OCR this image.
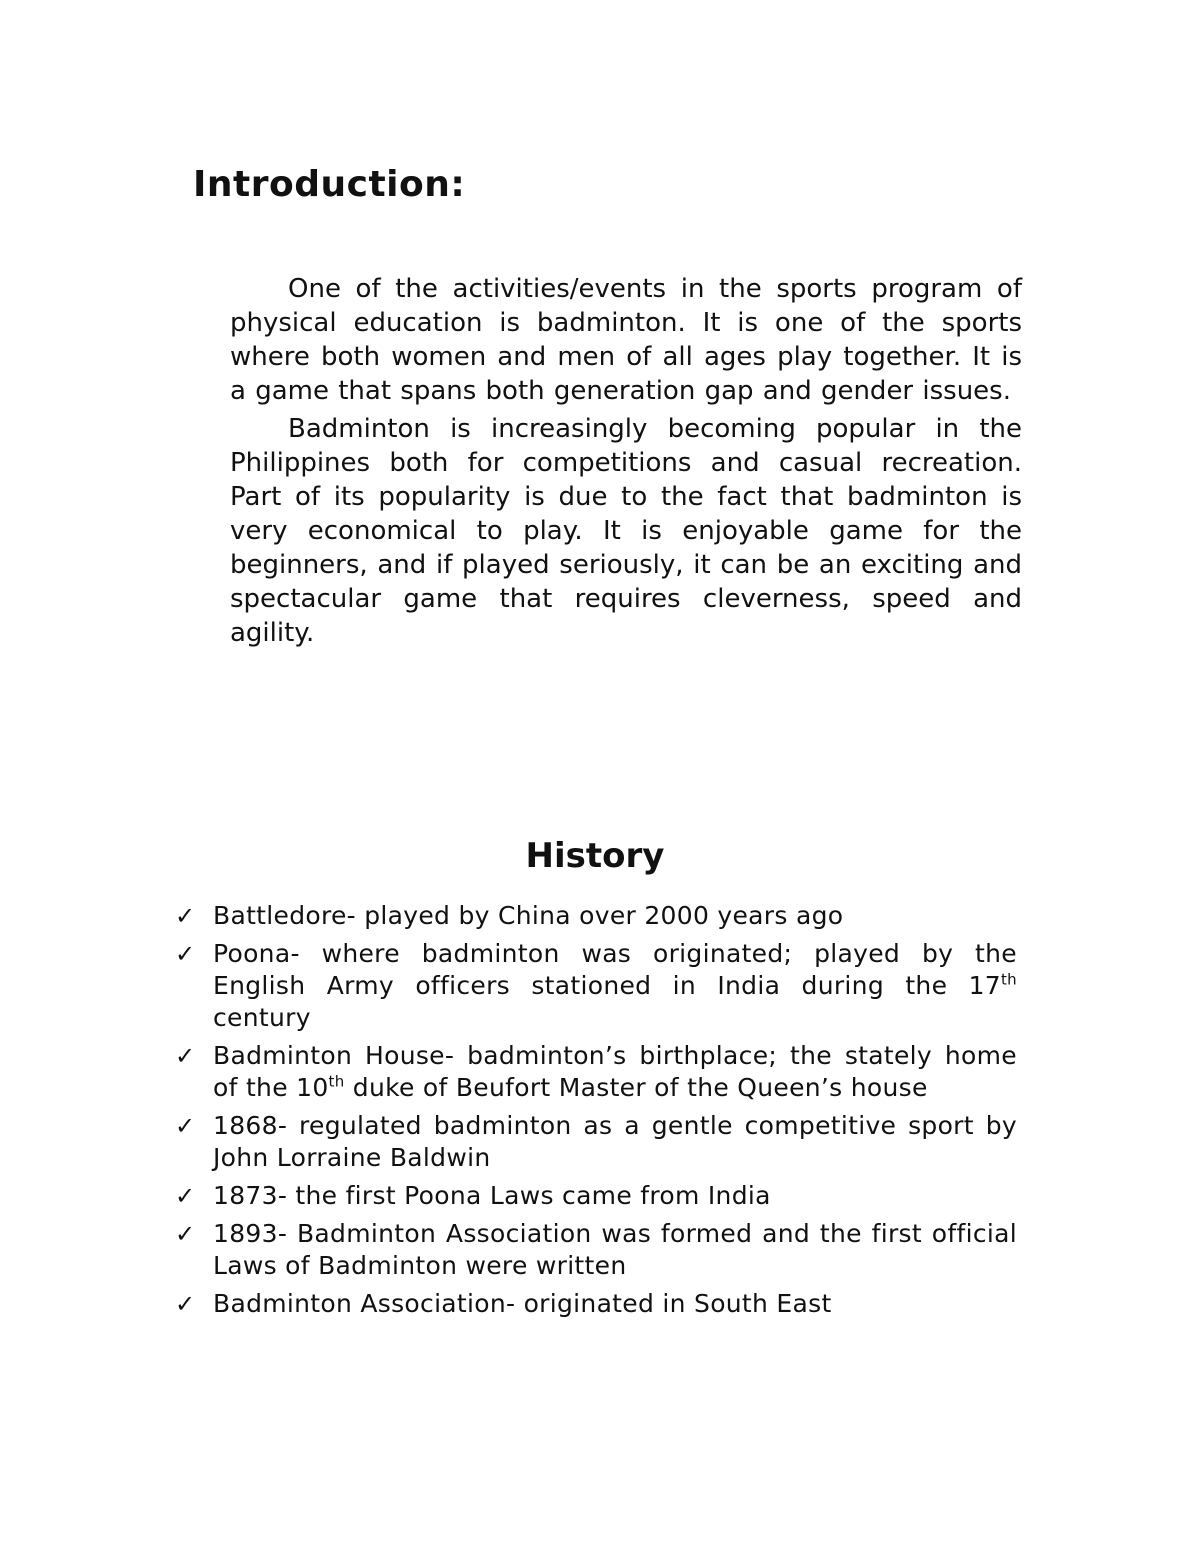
Introduction:

One of the activities/events in the sports program of physical education is badminton. It is one of the sports where both women and men of all ages play together. It is a game that spans both generation gap and gender issues.

Badminton is increasingly becoming popular in the Philippines both for competitions and casual recreation. Part of its popularity is due to the fact that badminton is very economical to play. It is enjoyable game for the beginners, and if played seriously, it can be an exciting and spectacular game that requires cleverness, speed and agility.

History
✓ Battledore- played by China over 2000 years ago
✓ Poona- where badminton was originated; played by the English Army officers stationed in India during the 17th century
✓ Badminton House- badminton’s birthplace; the stately home of the 10th duke of Beufort Master of the Queen’s house
✓ 1868- regulated badminton as a gentle competitive sport by John Lorraine Baldwin
✓ 1873- the first Poona Laws came from India
✓ 1893- Badminton Association was formed and the first official Laws of Badminton were written
✓ Badminton Association- originated in South East
